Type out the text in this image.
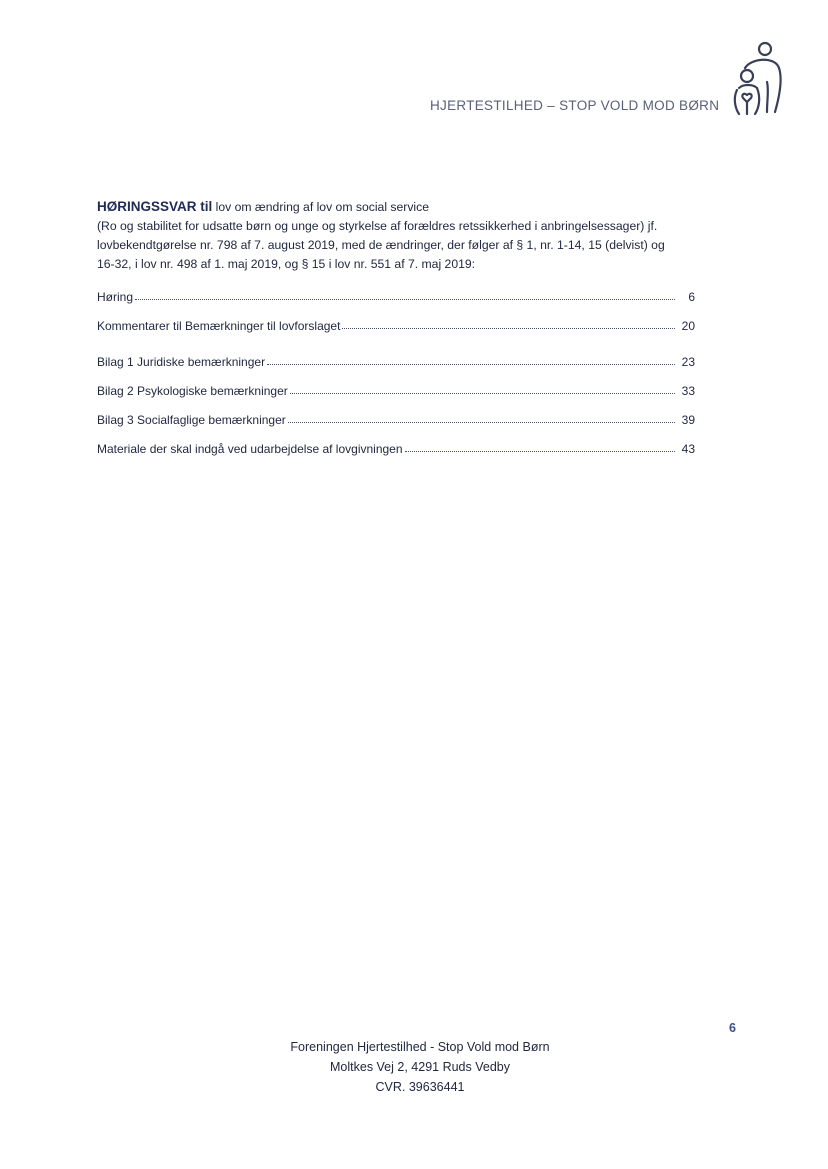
HJERTESTILHED – STOP VOLD MOD BØRN
HØRINGSSVAR til lov om ændring af lov om social service
(Ro og stabilitet for udsatte børn og unge og styrkelse af forældres retssikkerhed i anbringelsessager) jf.
lovbekendtgørelse nr. 798 af 7. august 2019, med de ændringer, der følger af § 1, nr. 1-14, 15 (delvist) og
16-32, i lov nr. 498 af 1. maj 2019, og § 15 i lov nr. 551 af 7. maj 2019:
Høring	6
Kommentarer til Bemærkninger til lovforslaget	20
Bilag 1 Juridiske bemærkninger	23
Bilag 2 Psykologiske bemærkninger	33
Bilag 3 Socialfaglige bemærkninger	39
Materiale der skal indgå ved udarbejdelse af lovgivningen	43
6
Foreningen Hjertestilhed - Stop Vold mod Børn
Moltkes Vej 2, 4291 Ruds Vedby
CVR. 39636441
